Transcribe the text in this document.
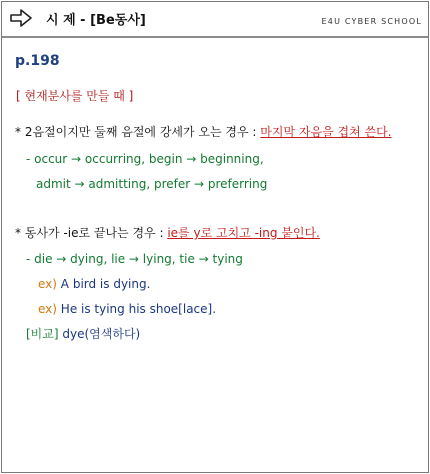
시 제 - [Be동사]	E4U CYBER SCHOOL
p.198
[ 현재분사를 만들 때 ]
* 2음절이지만 둘째 음절에 강세가 오는 경우 : 마지막 자음을 겹쳐 쓴다.
- occur → occurring, begin → beginning,
admit → admitting, prefer → preferring
* 동사가 -ie로 끝나는 경우 : ie를 y로 고치고 -ing 붙인다.
- die → dying, lie → lying, tie → tying
ex) A bird is dying.
ex) He is tying his shoe[lace].
[비교] dye(염색하다)
